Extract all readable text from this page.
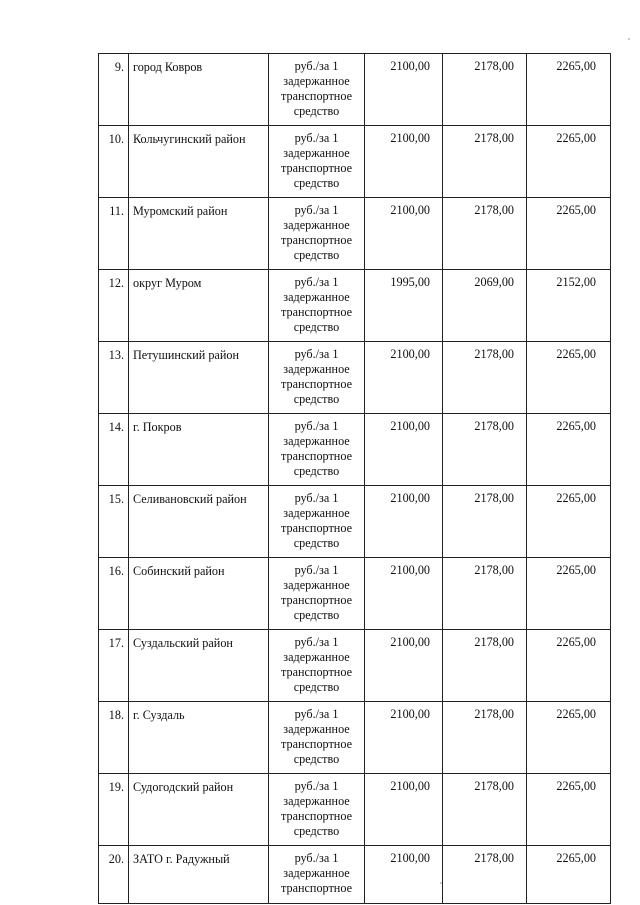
9.	город Ковров	руб./за 1 задержанное транспортное средство	2100,00	2178,00	2265,00
10.	Кольчугинский район	руб./за 1 задержанное транспортное средство	2100,00	2178,00	2265,00
11.	Муромский район	руб./за 1 задержанное транспортное средство	2100,00	2178,00	2265,00
12.	округ Муром	руб./за 1 задержанное транспортное средство	1995,00	2069,00	2152,00
13.	Петушинский район	руб./за 1 задержанное транспортное средство	2100,00	2178,00	2265,00
14.	г. Покров	руб./за 1 задержанное транспортное средство	2100,00	2178,00	2265,00
15.	Селивановский район	руб./за 1 задержанное транспортное средство	2100,00	2178,00	2265,00
16.	Собинский район	руб./за 1 задержанное транспортное средство	2100,00	2178,00	2265,00
17.	Суздальский район	руб./за 1 задержанное транспортное средство	2100,00	2178,00	2265,00
18.	г. Суздаль	руб./за 1 задержанное транспортное средство	2100,00	2178,00	2265,00
19.	Судогодский район	руб./за 1 задержанное транспортное средство	2100,00	2178,00	2265,00
20.	ЗАТО г. Радужный	руб./за 1 задержанное транспортное	2100,00	2178,00	2265,00
